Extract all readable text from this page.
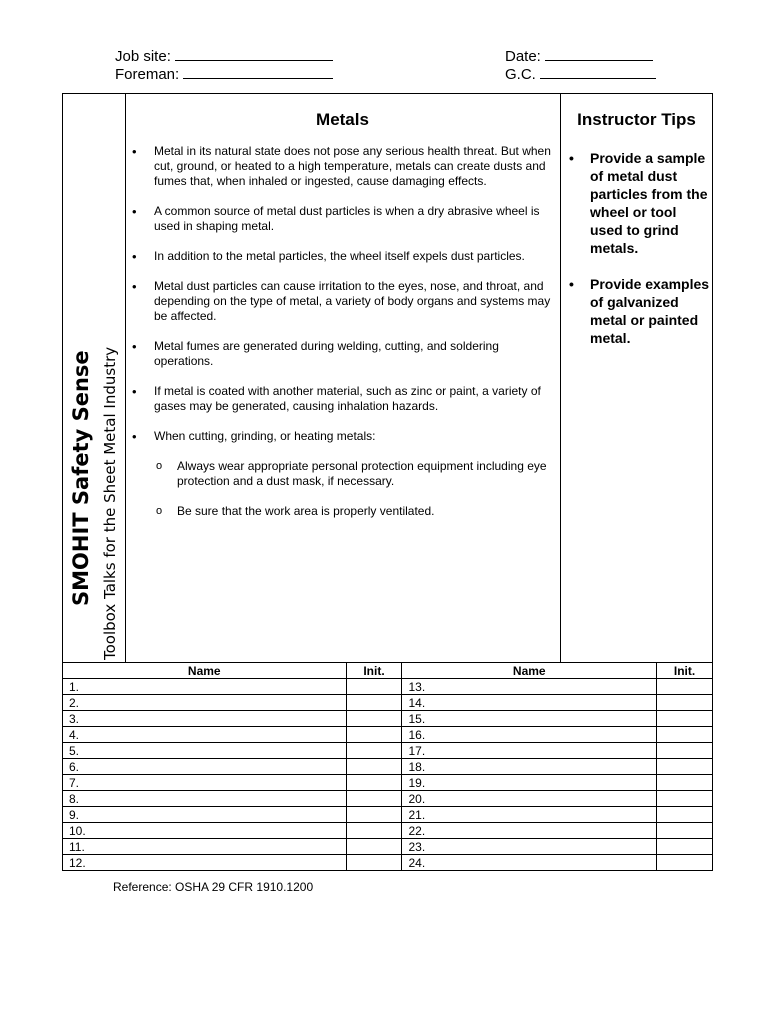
Job site:
Foreman:
Date:
G.C.
SMOHIT Safety Sense Toolbox Talks for the Sheet Metal Industry
Metals
• Metal in its natural state does not pose any serious health threat. But when cut, ground, or heated to a high temperature, metals can create dusts and fumes that, when inhaled or ingested, cause damaging effects.
• A common source of metal dust particles is when a dry abrasive wheel is used in shaping metal.
• In addition to the metal particles, the wheel itself expels dust particles.
• Metal dust particles can cause irritation to the eyes, nose, and throat, and depending on the type of metal, a variety of body organs and systems may be affected.
• Metal fumes are generated during welding, cutting, and soldering operations.
• If metal is coated with another material, such as zinc or paint, a variety of gases may be generated, causing inhalation hazards.
• When cutting, grinding, or heating metals:
o Always wear appropriate personal protection equipment including eye protection and a dust mask, if necessary.
o Be sure that the work area is properly ventilated.
Instructor Tips
• Provide a sample of metal dust particles from the wheel or tool used to grind metals.
• Provide examples of galvanized metal or painted metal.
Name	Init.	Name	Init.
1.		13.	
2.		14.	
3.		15.	
4.		16.	
5.		17.	
6.		18.	
7.		19.	
8.		20.	
9.		21.	
10.		22.	
11.		23.	
12.		24.	
Reference: OSHA 29 CFR 1910.1200
